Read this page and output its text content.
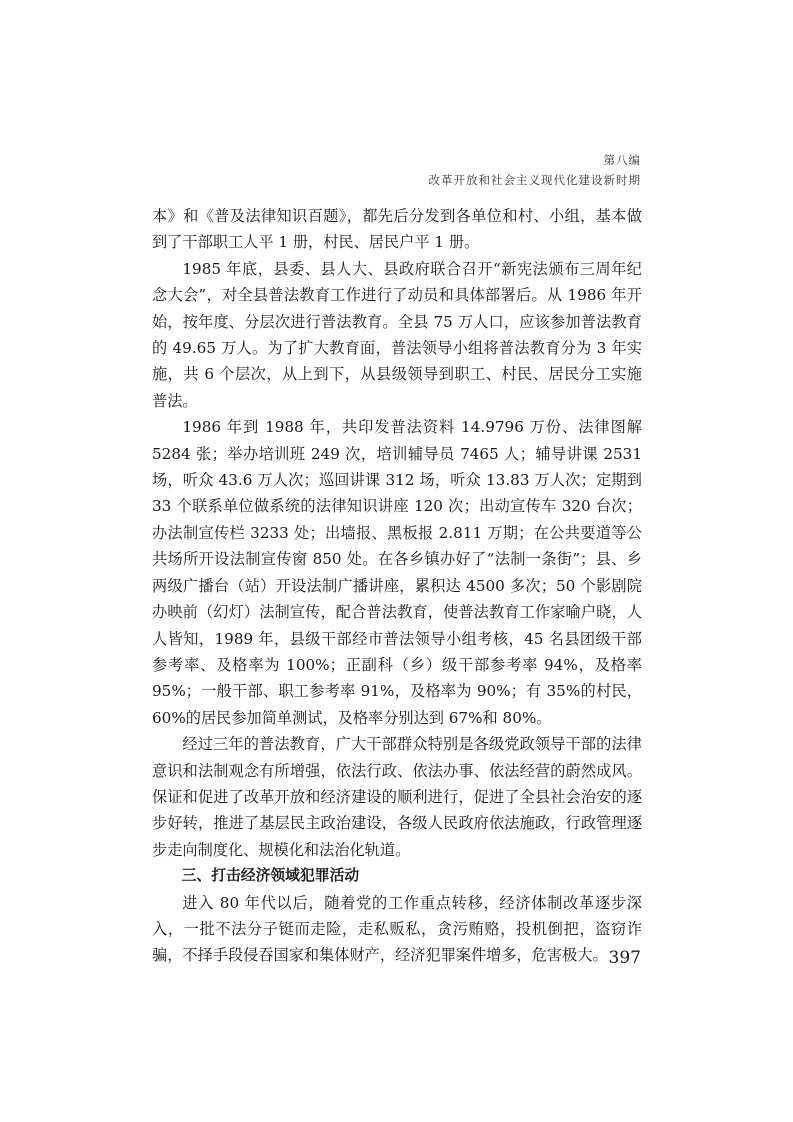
第八编
改革开放和社会主义现代化建设新时期

本》和《普及法律知识百题》，都先后分发到各单位和村、小组，基本做到了干部职工人平 1 册，村民、居民户平 1 册。

1985 年底，县委、县人大、县政府联合召开“新宪法颁布三周年纪念大会”，对全县普法教育工作进行了动员和具体部署后。从 1986 年开始，按年度、分层次进行普法教育。全县 75 万人口，应该参加普法教育的 49.65 万人。为了扩大教育面，普法领导小组将普法教育分为 3 年实施，共 6 个层次，从上到下，从县级领导到职工、村民、居民分工实施普法。

1986 年到 1988 年，共印发普法资料 14.9796 万份、法律图解 5284 张；举办培训班 249 次，培训辅导员 7465 人；辅导讲课 2531 场，听众 43.6 万人次；巡回讲课 312 场，听众 13.83 万人次；定期到 33 个联系单位做系统的法律知识讲座 120 次；出动宣传车 320 台次；办法制宣传栏 3233 处；出墙报、黑板报 2.811 万期；在公共要道等公共场所开设法制宣传窗 850 处。在各乡镇办好了“法制一条街”；县、乡两级广播台（站）开设法制广播讲座，累积达 4500 多次；50 个影剧院办映前（幻灯）法制宣传，配合普法教育，使普法教育工作家喻户晓，人人皆知，1989 年，县级干部经市普法领导小组考核，45 名县团级干部参考率、及格率为 100%；正副科（乡）级干部参考率 94%，及格率 95%；一般干部、职工参考率 91%，及格率为 90%；有 35%的村民，60%的居民参加简单测试，及格率分别达到 67%和 80%。

经过三年的普法教育，广大干部群众特别是各级党政领导干部的法律意识和法制观念有所增强，依法行政、依法办事、依法经营的蔚然成风。保证和促进了改革开放和经济建设的顺利进行，促进了全县社会治安的逐步好转，推进了基层民主政治建设，各级人民政府依法施政，行政管理逐步走向制度化、规模化和法治化轨道。

三、打击经济领域犯罪活动

进入 80 年代以后，随着党的工作重点转移，经济体制改革逐步深入，一批不法分子铤而走险，走私贩私，贪污贿赂，投机倒把，盗窃诈骗，不择手段侵吞国家和集体财产，经济犯罪案件增多，危害极大。 397
